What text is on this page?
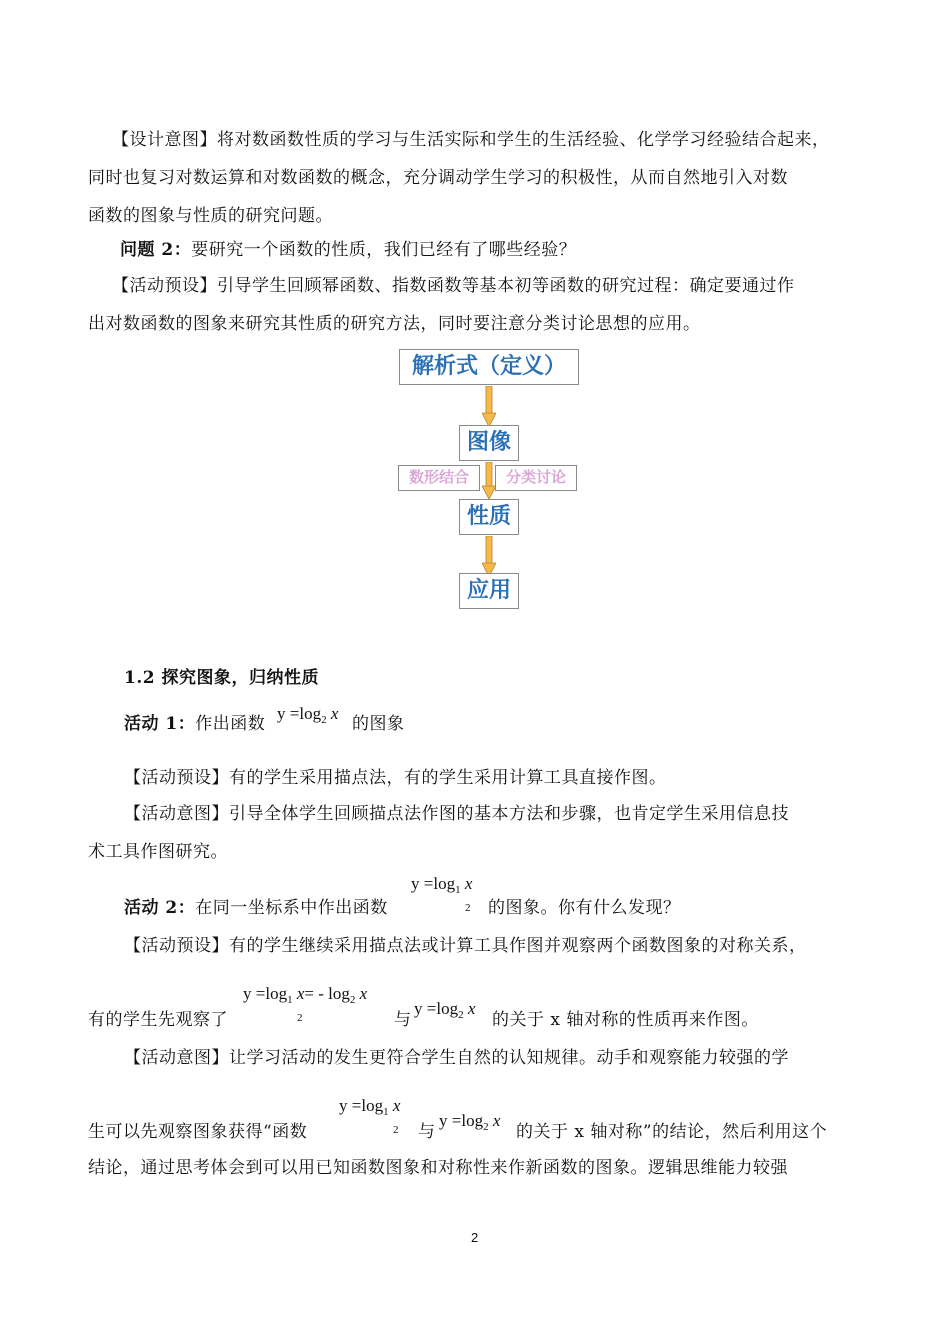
【设计意图】将对数函数性质的学习与生活实际和学生的生活经验、化学学习经验结合起来，
同时也复习对数运算和对数函数的概念，充分调动学生学习的积极性，从而自然地引入对数
函数的图象与性质的研究问题。
问题 2：要研究一个函数的性质，我们已经有了哪些经验？
【活动预设】引导学生回顾幂函数、指数函数等基本初等函数的研究过程：确定要通过作
出对数函数的图象来研究其性质的研究方法，同时要注意分类讨论思想的应用。
解析式（定义）
图像
数形结合	分类讨论
性质
应用
1.2 探究图象，归纳性质
活动 1：作出函数
$y =\log_2$ x
的图象
【活动预设】有的学生采用描点法，有的学生采用计算工具直接作图。
【活动意图】引导全体学生回顾描点法作图的基本方法和步骤，也肯定学生采用信息技
术工具作图研究。
$y =\log_1$ x
2
活动 2：在同一坐标系中作出函数	的图象。你有什么发现？
【活动预设】有的学生继续采用描点法或计算工具作图并观察两个函数图象的对称关系，
$y =\log_1$ $x= - \log_2 x$
2
有的学生先观察了	与
$y =\log_2$ x
的关于 x 轴对称的性质再来作图。
【活动意图】让学习活动的发生更符合学生自然的认知规律。动手和观察能力较强的学
$y =\log_1$ x
2
生可以先观察图象获得“函数	与
$y =\log_2$ x
的关于 x 轴对称”的结论，然后利用这个
结论，通过思考体会到可以用已知函数图象和对称性来作新函数的图象。逻辑思维能力较强
2
